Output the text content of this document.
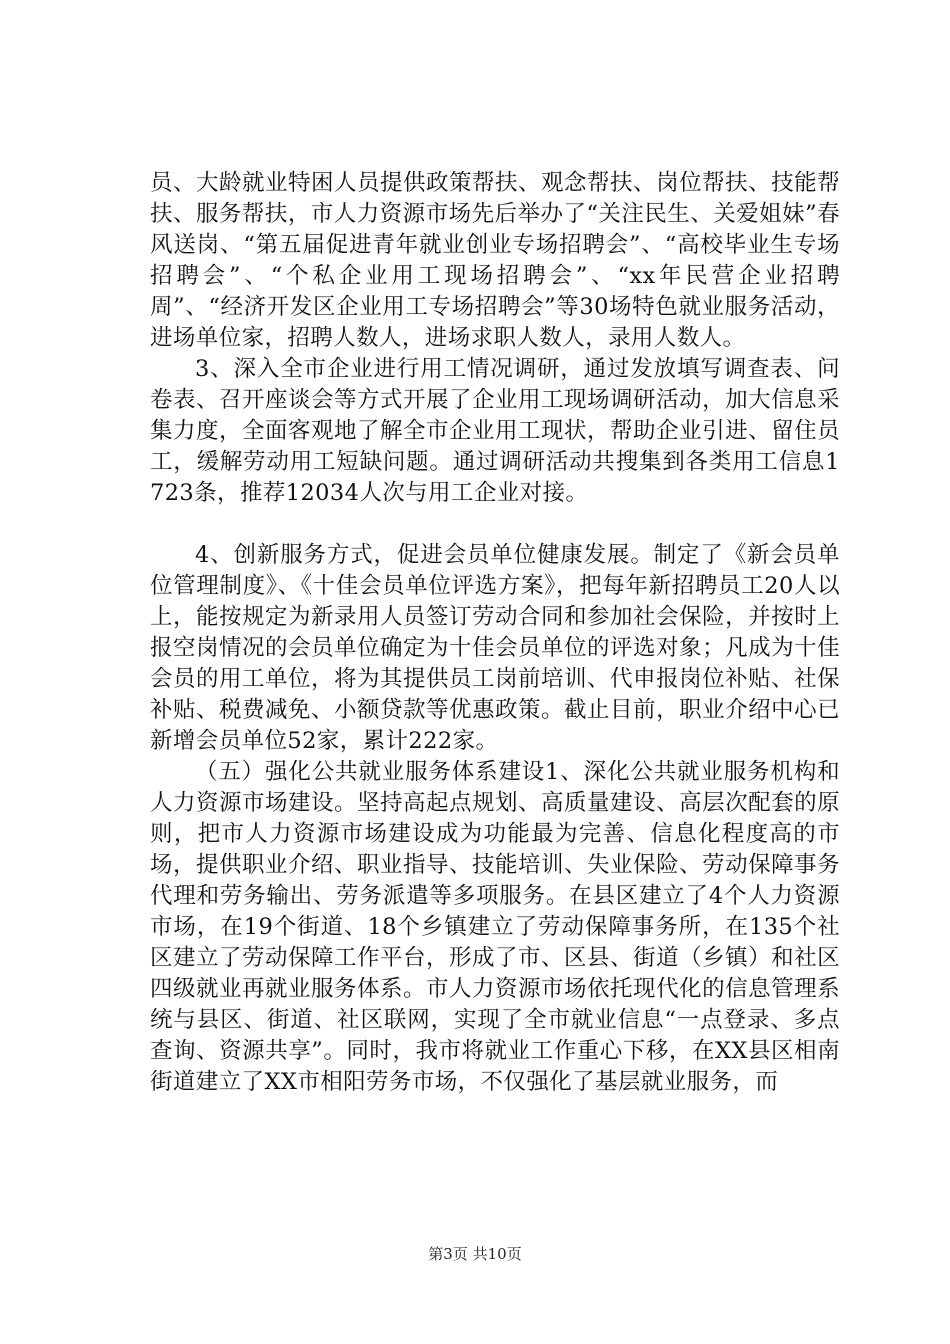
员、大龄就业特困人员提供政策帮扶、观念帮扶、岗位帮扶、技能帮扶、服务帮扶，市人力资源市场先后举办了“关注民生、关爱姐妹”春风送岗、“第五届促进青年就业创业专场招聘会”、“高校毕业生专场招聘会”、“个私企业用工现场招聘会”、“xx年民营企业招聘周”、“经济开发区企业用工专场招聘会”等30场特色就业服务活动，进场单位家，招聘人数人，进场求职人数人，录用人数人。

3、深入全市企业进行用工情况调研，通过发放填写调查表、问卷表、召开座谈会等方式开展了企业用工现场调研活动，加大信息采集力度，全面客观地了解全市企业用工现状，帮助企业引进、留住员工，缓解劳动用工短缺问题。通过调研活动共搜集到各类用工信息1723条，推荐12034人次与用工企业对接。

4、创新服务方式，促进会员单位健康发展。制定了《新会员单位管理制度》、《十佳会员单位评选方案》，把每年新招聘员工20人以上，能按规定为新录用人员签订劳动合同和参加社会保险，并按时上报空岗情况的会员单位确定为十佳会员单位的评选对象；凡成为十佳会员的用工单位，将为其提供员工岗前培训、代申报岗位补贴、社保补贴、税费减免、小额贷款等优惠政策。截止目前，职业介绍中心已新增会员单位52家，累计222家。

（五）强化公共就业服务体系建设1、深化公共就业服务机构和人力资源市场建设。坚持高起点规划、高质量建设、高层次配套的原则，把市人力资源市场建设成为功能最为完善、信息化程度高的市场，提供职业介绍、职业指导、技能培训、失业保险、劳动保障事务代理和劳务输出、劳务派遣等多项服务。在县区建立了4个人力资源市场，在19个街道、18个乡镇建立了劳动保障事务所，在135个社区建立了劳动保障工作平台，形成了市、区县、街道（乡镇）和社区四级就业再就业服务体系。市人力资源市场依托现代化的信息管理系统与县区、街道、社区联网，实现了全市就业信息“一点登录、多点查询、资源共享”。同时，我市将就业工作重心下移，在XX县区相南街道建立了XX市相阳劳务市场，不仅强化了基层就业服务，而

第3页 共10页
